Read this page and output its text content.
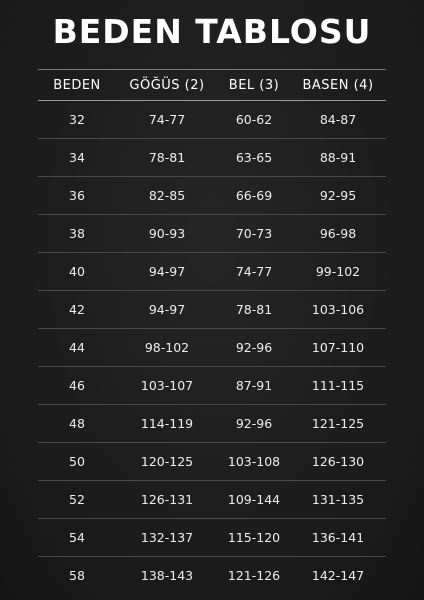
BEDEN TABLOSU
BEDEN	GÖĞÜS (2)	BEL (3)	BASEN (4)
32	74-77	60-62	84-87
34	78-81	63-65	88-91
36	82-85	66-69	92-95
38	90-93	70-73	96-98
40	94-97	74-77	99-102
42	94-97	78-81	103-106
44	98-102	92-96	107-110
46	103-107	87-91	111-115
48	114-119	92-96	121-125
50	120-125	103-108	126-130
52	126-131	109-144	131-135
54	132-137	115-120	136-141
58	138-143	121-126	142-147
